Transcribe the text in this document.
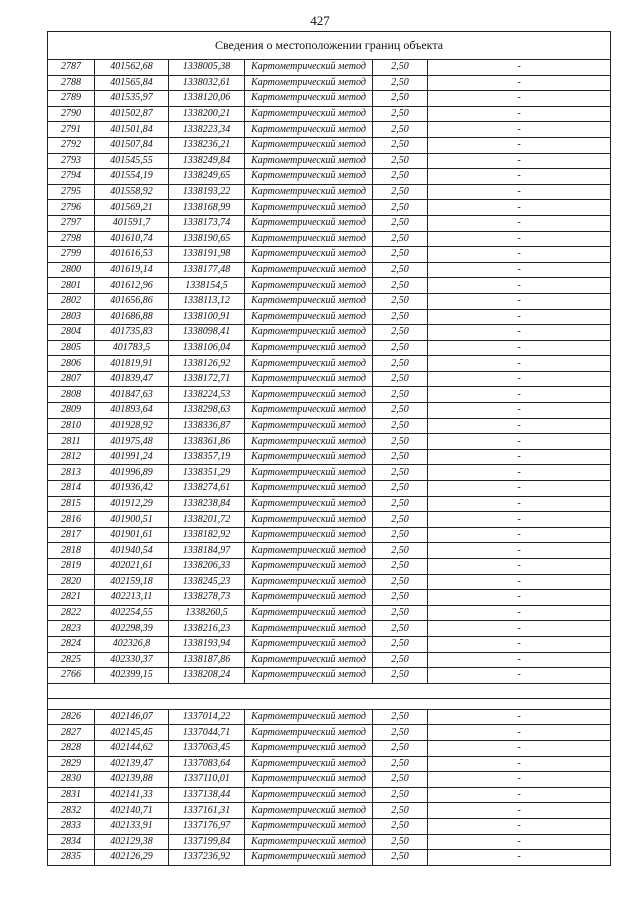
427
Сведения о местоположении границ объекта					
2787	401562,68	1338005,38	Картометрический метод	2,50	-
2788	401565,84	1338032,61	Картометрический метод	2,50	-
2789	401535,97	1338120,06	Картометрический метод	2,50	-
2790	401502,87	1338200,21	Картометрический метод	2,50	-
2791	401501,84	1338223,34	Картометрический метод	2,50	-
2792	401507,84	1338236,21	Картометрический метод	2,50	-
2793	401545,55	1338249,84	Картометрический метод	2,50	-
2794	401554,19	1338249,65	Картометрический метод	2,50	-
2795	401558,92	1338193,22	Картометрический метод	2,50	-
2796	401569,21	1338168,99	Картометрический метод	2,50	-
2797	401591,7	1338173,74	Картометрический метод	2,50	-
2798	401610,74	1338190,65	Картометрический метод	2,50	-
2799	401616,53	1338191,98	Картометрический метод	2,50	-
2800	401619,14	1338177,48	Картометрический метод	2,50	-
2801	401612,96	1338154,5	Картометрический метод	2,50	-
2802	401656,86	1338113,12	Картометрический метод	2,50	-
2803	401686,88	1338100,91	Картометрический метод	2,50	-
2804	401735,83	1338098,41	Картометрический метод	2,50	-
2805	401783,5	1338106,04	Картометрический метод	2,50	-
2806	401819,91	1338126,92	Картометрический метод	2,50	-
2807	401839,47	1338172,71	Картометрический метод	2,50	-
2808	401847,63	1338224,53	Картометрический метод	2,50	-
2809	401893,64	1338298,63	Картометрический метод	2,50	-
2810	401928,92	1338336,87	Картометрический метод	2,50	-
2811	401975,48	1338361,86	Картометрический метод	2,50	-
2812	401991,24	1338357,19	Картометрический метод	2,50	-
2813	401996,89	1338351,29	Картометрический метод	2,50	-
2814	401936,42	1338274,61	Картометрический метод	2,50	-
2815	401912,29	1338238,84	Картометрический метод	2,50	-
2816	401900,51	1338201,72	Картометрический метод	2,50	-
2817	401901,61	1338182,92	Картометрический метод	2,50	-
2818	401940,54	1338184,97	Картометрический метод	2,50	-
2819	402021,61	1338206,33	Картометрический метод	2,50	-
2820	402159,18	1338245,23	Картометрический метод	2,50	-
2821	402213,11	1338278,73	Картометрический метод	2,50	-
2822	402254,55	1338260,5	Картометрический метод	2,50	-
2823	402298,39	1338216,23	Картометрический метод	2,50	-
2824	402326,8	1338193,94	Картометрический метод	2,50	-
2825	402330,37	1338187,86	Картометрический метод	2,50	-
2766	402399,15	1338208,24	Картометрический метод	2,50	-

2826	402146,07	1337014,22	Картометрический метод	2,50	-
2827	402145,45	1337044,71	Картометрический метод	2,50	-
2828	402144,62	1337063,45	Картометрический метод	2,50	-
2829	402139,47	1337083,64	Картометрический метод	2,50	-
2830	402139,88	1337110,01	Картометрический метод	2,50	-
2831	402141,33	1337138,44	Картометрический метод	2,50	-
2832	402140,71	1337161,31	Картометрический метод	2,50	-
2833	402133,91	1337176,97	Картометрический метод	2,50	-
2834	402129,38	1337199,84	Картометрический метод	2,50	-
2835	402126,29	1337236,92	Картометрический метод	2,50	-
